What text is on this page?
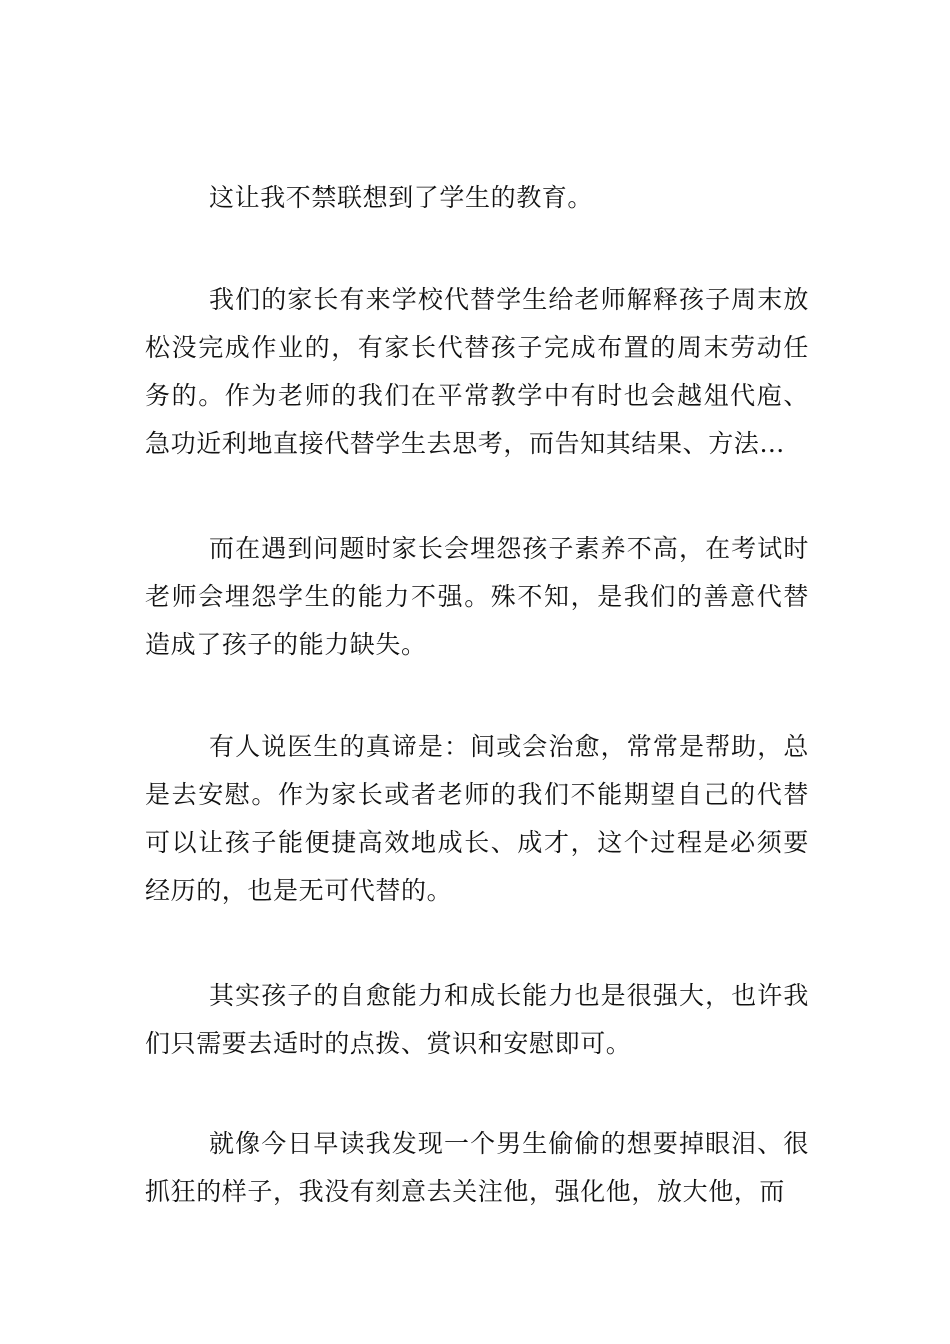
这让我不禁联想到了学生的教育。

我们的家长有来学校代替学生给老师解释孩子周末放松没完成作业的，有家长代替孩子完成布置的周末劳动任务的。作为老师的我们在平常教学中有时也会越俎代庖、急功近利地直接代替学生去思考，而告知其结果、方法…

而在遇到问题时家长会埋怨孩子素养不高，在考试时老师会埋怨学生的能力不强。殊不知，是我们的善意代替造成了孩子的能力缺失。

有人说医生的真谛是：间或会治愈，常常是帮助，总是去安慰。作为家长或者老师的我们不能期望自己的代替可以让孩子能便捷高效地成长、成才，这个过程是必须要经历的，也是无可代替的。

其实孩子的自愈能力和成长能力也是很强大，也许我们只需要去适时的点拨、赏识和安慰即可。

就像今日早读我发现一个男生偷偷的想要掉眼泪、很抓狂的样子，我没有刻意去关注他，强化他，放大他，而
